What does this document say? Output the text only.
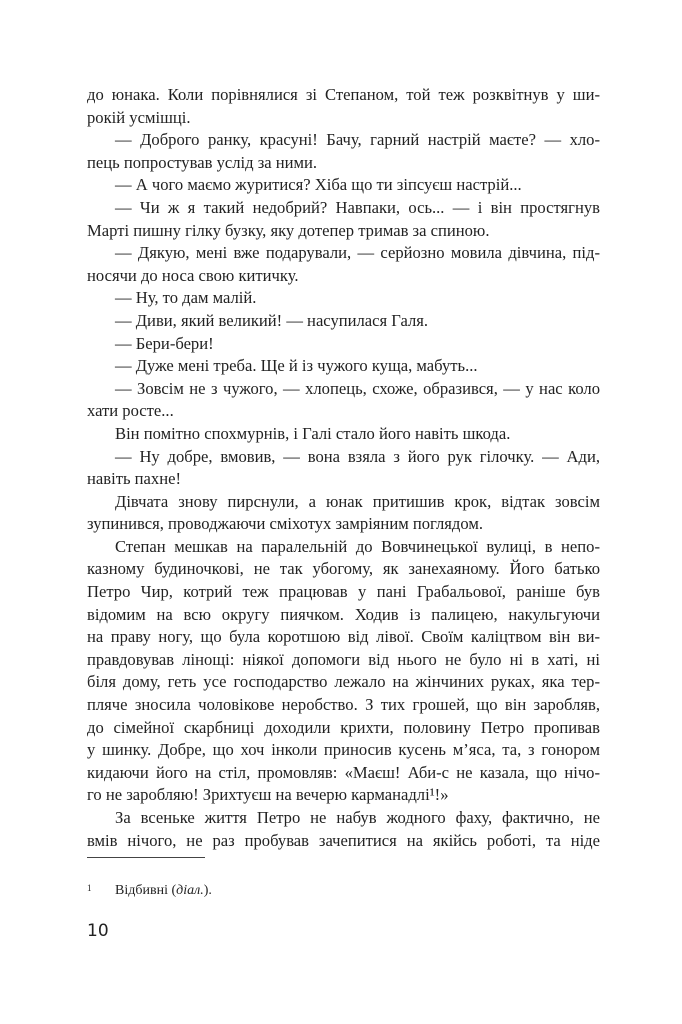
до юнака. Коли порівнялися зі Степаном, той теж розквітнув у ши-
рокій усмішці.
— Доброго ранку, красуні! Бачу, гарний настрій маєте? — хло-
пець попростував услід за ними.
— А чого маємо журитися? Хіба що ти зіпсуєш настрій...
— Чи ж я такий недобрий? Навпаки, ось... — і він простягнув
Марті пишну гілку бузку, яку дотепер тримав за спиною.
— Дякую, мені вже подарували, — серйозно мовила дівчина, під-
носячи до носа свою китичку.
— Ну, то дам малій.
— Диви, який великий! — насупилася Галя.
— Бери-бери!
— Дуже мені треба. Ще й із чужого куща, мабуть...
— Зовсім не з чужого, — хлопець, схоже, образився, — у нас коло
хати росте...
Він помітно спохмурнів, і Галі стало його навіть шкода.
— Ну добре, вмовив, — вона взяла з його рук гілочку. — Ади,
навіть пахне!
Дівчата знову пирснули, а юнак притишив крок, відтак зовсім
зупинився, проводжаючи сміхотух замріяним поглядом.
Степан мешкав на паралельній до Вовчинецької вулиці, в непо-
казному будиночкові, не так убогому, як занехаяному. Його батько
Петро Чир, котрий теж працював у пані Грабальової, раніше був
відомим на всю округу пиячком. Ходив із палицею, накульгуючи
на праву ногу, що була коротшою від лівої. Своїм каліцтвом він ви-
правдовував лінощі: ніякої допомоги від нього не було ні в хаті, ні
біля дому, геть усе господарство лежало на жінчиних руках, яка тер-
пляче зносила чоловікове неробство. З тих грошей, що він заробляв,
до сімейної скарбниці доходили крихти, половину Петро пропивав
у шинку. Добре, що хоч інколи приносив кусень м’яса, та, з гонором
кидаючи його на стіл, промовляв: «Маєш! Аби-с не казала, що нічо-
го не заробляю! Зрихтуєш на вечерю карманадлі¹!»
За всеньке життя Петро не набув жодного фаху, фактично, не
вмів нічого, не раз пробував зачепитися на якійсь роботі, та ніде
1 Відбивні (діал.).
10
